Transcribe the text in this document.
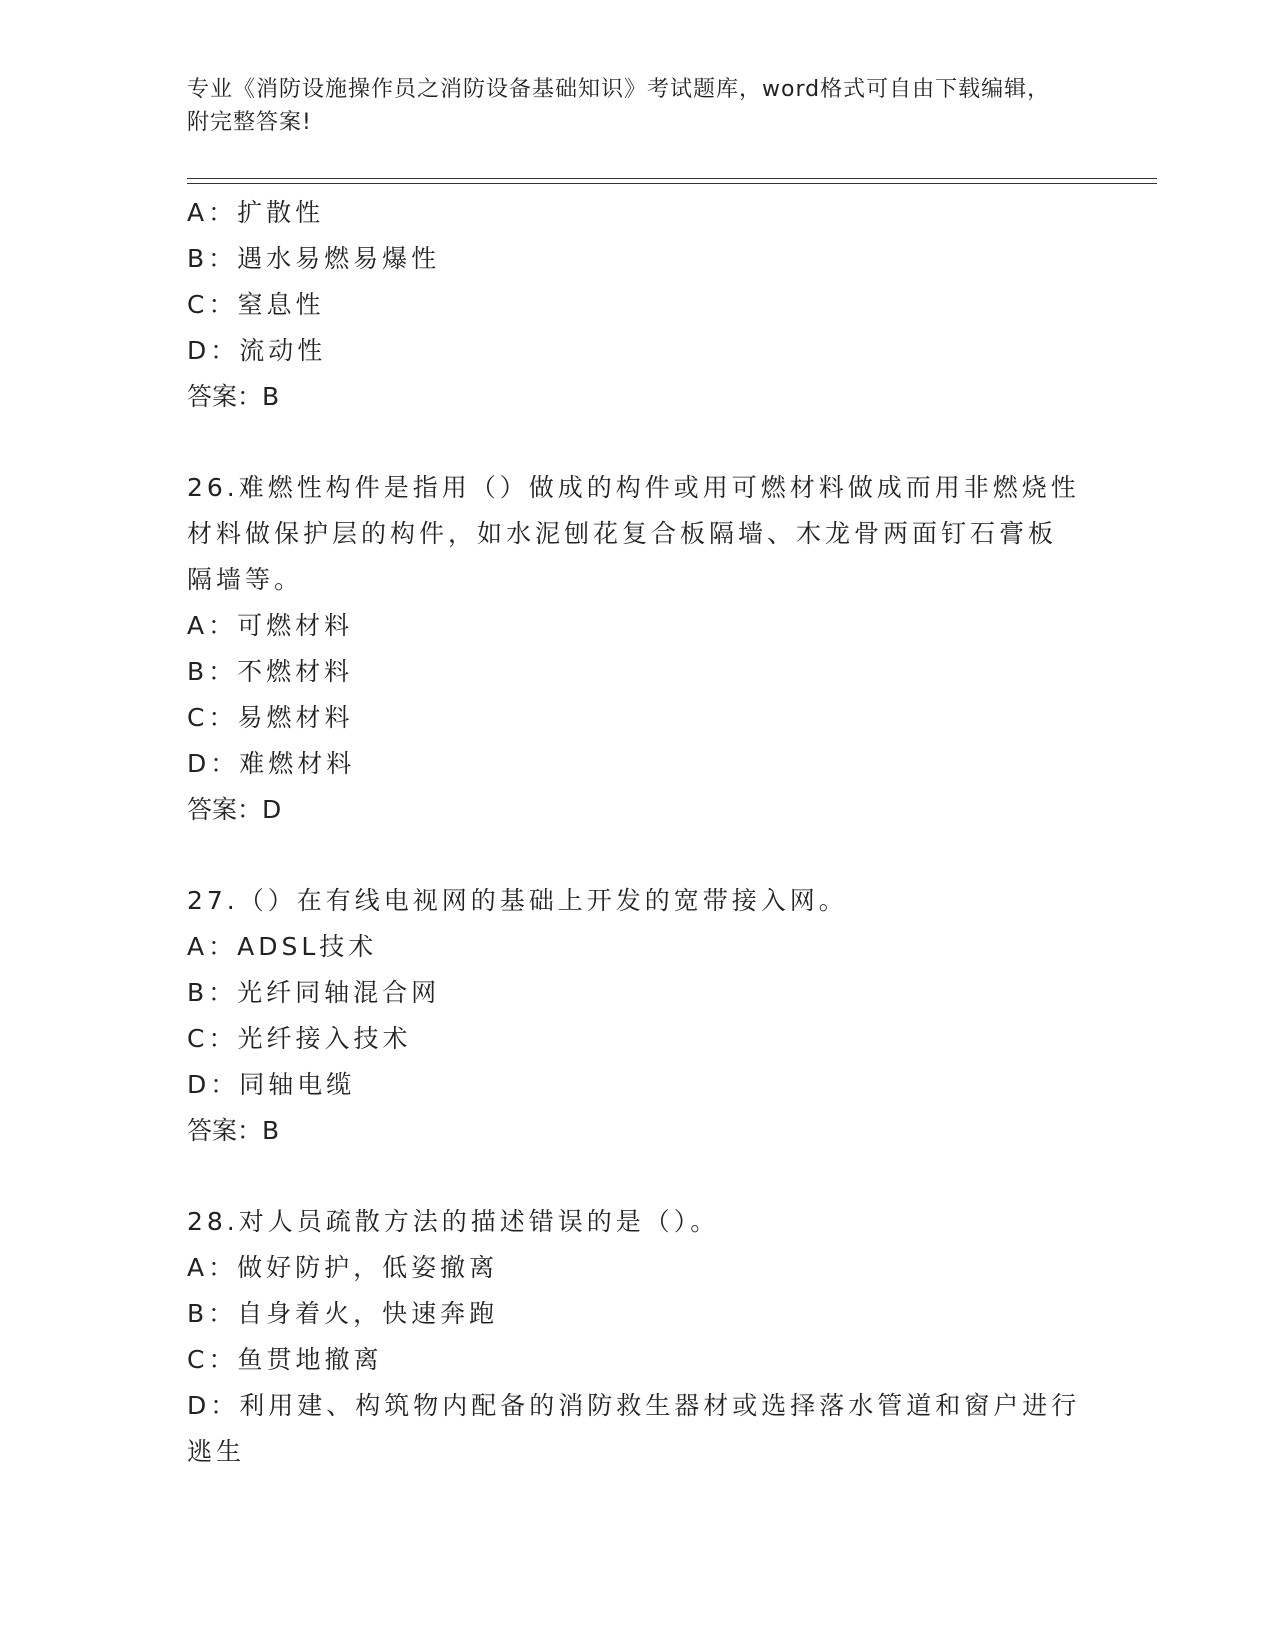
专业《消防设施操作员之消防设备基础知识》考试题库，word格式可自由下载编辑，附完整答案!
A：扩散性
B：遇水易燃易爆性
C：窒息性
D：流动性
答案：B
26.难燃性构件是指用（）做成的构件或用可燃材料做成而用非燃烧性
材料做保护层的构件，如水泥刨花复合板隔墙、木龙骨两面钉石膏板
隔墙等。
A：可燃材料
B：不燃材料
C：易燃材料
D：难燃材料
答案：D
27.（）在有线电视网的基础上开发的宽带接入网。
A：ADSL技术
B：光纤同轴混合网
C：光纤接入技术
D：同轴电缆
答案：B
28.对人员疏散方法的描述错误的是（）。
A：做好防护，低姿撤离
B：自身着火，快速奔跑
C：鱼贯地撤离
D：利用建、构筑物内配备的消防救生器材或选择落水管道和窗户进行
逃生
